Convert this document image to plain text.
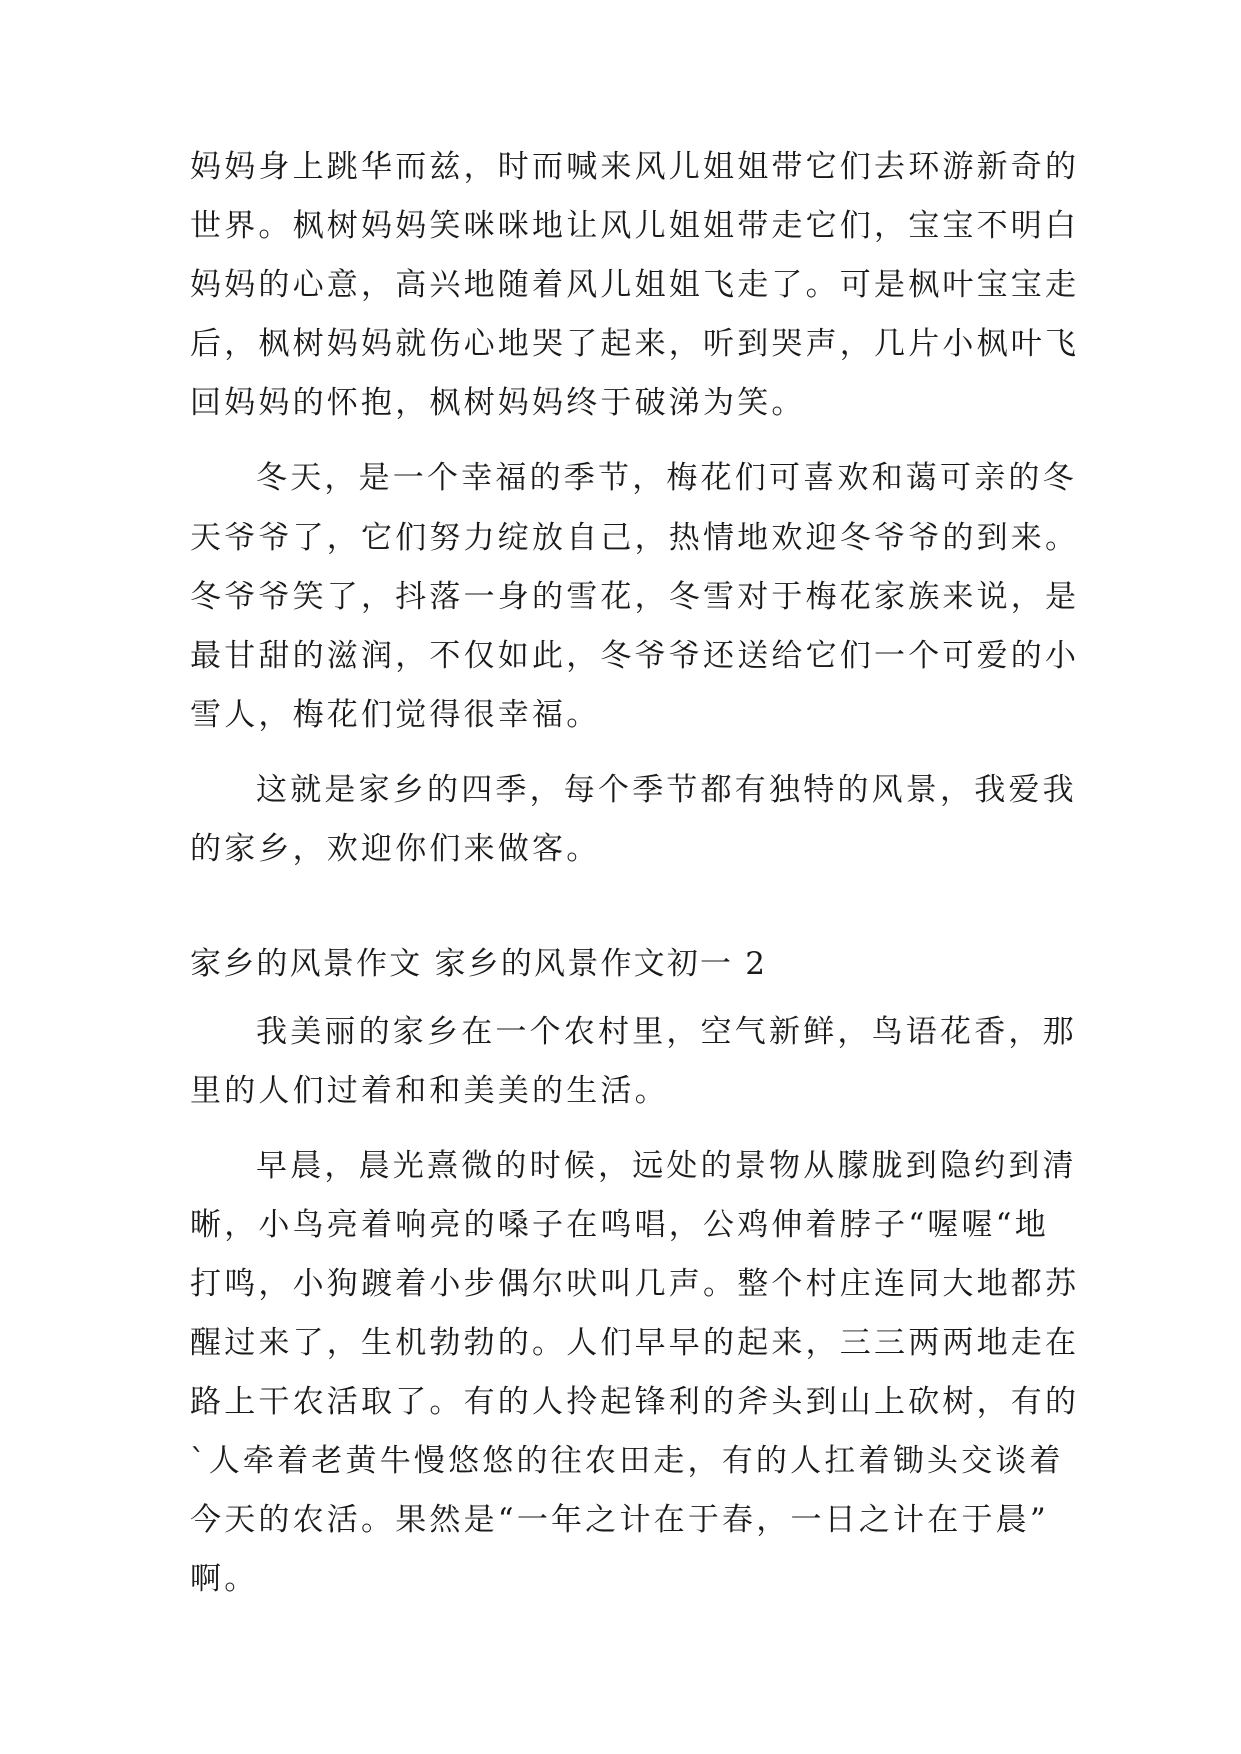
妈妈身上跳华而兹，时而喊来风儿姐姐带它们去环游新奇的
世界。枫树妈妈笑咪咪地让风儿姐姐带走它们，宝宝不明白
妈妈的心意，高兴地随着风儿姐姐飞走了。可是枫叶宝宝走
后，枫树妈妈就伤心地哭了起来，听到哭声，几片小枫叶飞
回妈妈的怀抱，枫树妈妈终于破涕为笑。
冬天，是一个幸福的季节，梅花们可喜欢和蔼可亲的冬
天爷爷了，它们努力绽放自己，热情地欢迎冬爷爷的到来。
冬爷爷笑了，抖落一身的雪花，冬雪对于梅花家族来说，是
最甘甜的滋润，不仅如此，冬爷爷还送给它们一个可爱的小
雪人，梅花们觉得很幸福。
这就是家乡的四季，每个季节都有独特的风景，我爱我
的家乡，欢迎你们来做客。
家乡的风景作文 家乡的风景作文初一 2
我美丽的家乡在一个农村里，空气新鲜，鸟语花香，那
里的人们过着和和美美的生活。
早晨，晨光熹微的时候，远处的景物从朦胧到隐约到清
晰，小鸟亮着响亮的嗓子在鸣唱，公鸡伸着脖子“喔喔“地
打鸣，小狗踱着小步偶尔吠叫几声。整个村庄连同大地都苏
醒过来了，生机勃勃的。人们早早的起来，三三两两地走在
路上干农活取了。有的人拎起锋利的斧头到山上砍树，有的
`人牵着老黄牛慢悠悠的往农田走，有的人扛着锄头交谈着
今天的农活。果然是“一年之计在于春，一日之计在于晨”
啊。
